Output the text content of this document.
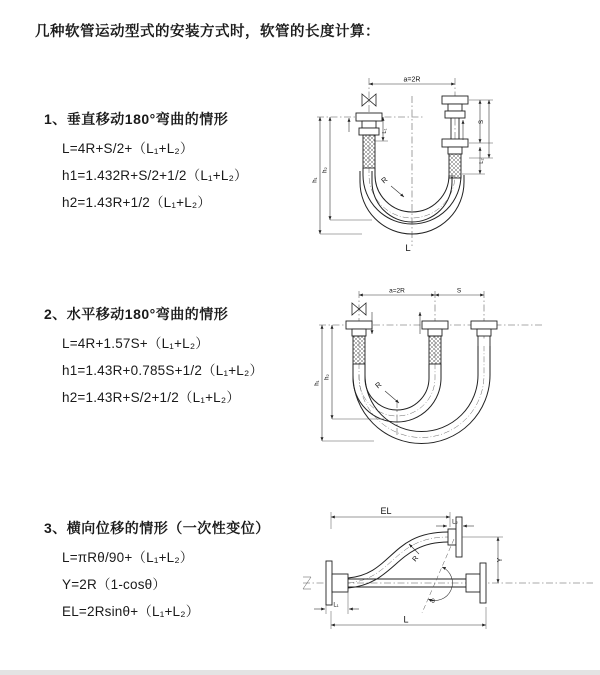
几种软管运动型式的安装方式时，软管的长度计算：
1、垂直移动180°弯曲的情形
L=4R+S/2+（L₁+L₂）
h1=1.432R+S/2+1/2（L₁+L₂）
h2=1.43R+1/2（L₁+L₂）
a=2R
L₁
S
L₂
h₁
h₂
R
L
2、水平移动180°弯曲的情形
L=4R+1.57S+（L₁+L₂）
h1=1.43R+0.785S+1/2（L₁+L₂）
h2=1.43R+S/2+1/2（L₁+L₂）
a=2R	S
h₁
h₂
R
3、横向位移的情形（一次性变位）
L=πRθ/90+（L₁+L₂）
Y=2R（1-cosθ）
EL=2Rsinθ+（L₁+L₂）
EL
L₂
Y
θ
R
L₁
L
